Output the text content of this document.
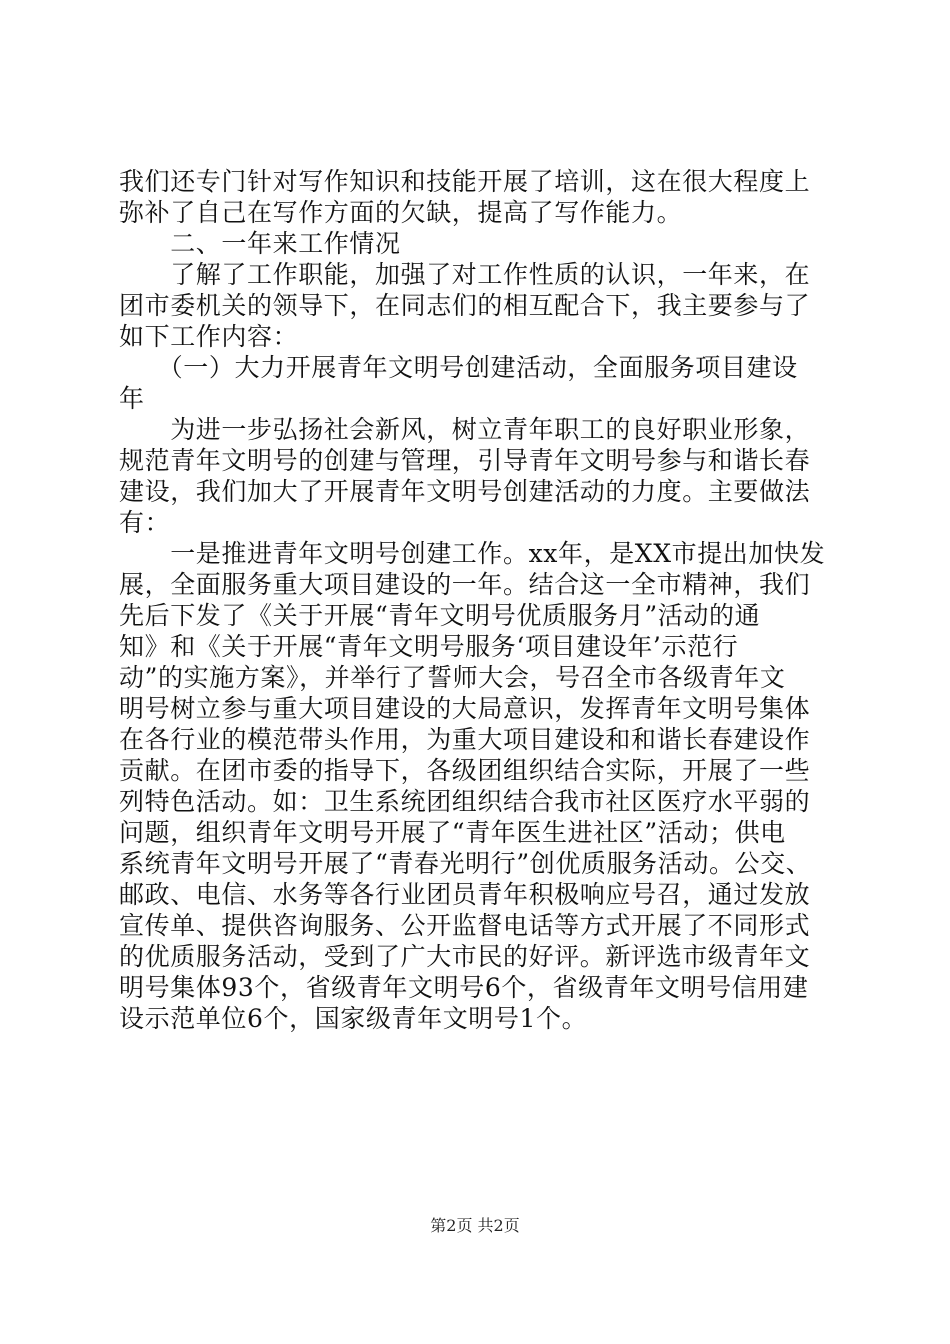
我们还专门针对写作知识和技能开展了培训，这在很大程度上
弥补了自己在写作方面的欠缺，提高了写作能力。
　　二、一年来工作情况
　　了解了工作职能，加强了对工作性质的认识，一年来，在
团市委机关的领导下，在同志们的相互配合下，我主要参与了
如下工作内容：
　　（一）大力开展青年文明号创建活动，全面服务项目建设
年
　　为进一步弘扬社会新风，树立青年职工的良好职业形象，
规范青年文明号的创建与管理，引导青年文明号参与和谐长春
建设，我们加大了开展青年文明号创建活动的力度。主要做法
有：
　　一是推进青年文明号创建工作。xx年，是XX市提出加快发
展，全面服务重大项目建设的一年。结合这一全市精神，我们
先后下发了《关于开展“青年文明号优质服务月”活动的通
知》和《关于开展“青年文明号服务‘项目建设年’示范行
动”的实施方案》，并举行了誓师大会，号召全市各级青年文
明号树立参与重大项目建设的大局意识，发挥青年文明号集体
在各行业的模范带头作用，为重大项目建设和和谐长春建设作
贡献。在团市委的指导下，各级团组织结合实际，开展了一些
列特色活动。如：卫生系统团组织结合我市社区医疗水平弱的
问题，组织青年文明号开展了“青年医生进社区”活动；供电
系统青年文明号开展了“青春光明行”创优质服务活动。公交、
邮政、电信、水务等各行业团员青年积极响应号召，通过发放
宣传单、提供咨询服务、公开监督电话等方式开展了不同形式
的优质服务活动，受到了广大市民的好评。新评选市级青年文
明号集体93个，省级青年文明号6个，省级青年文明号信用建
设示范单位6个，国家级青年文明号1个。
第2页 共2页
